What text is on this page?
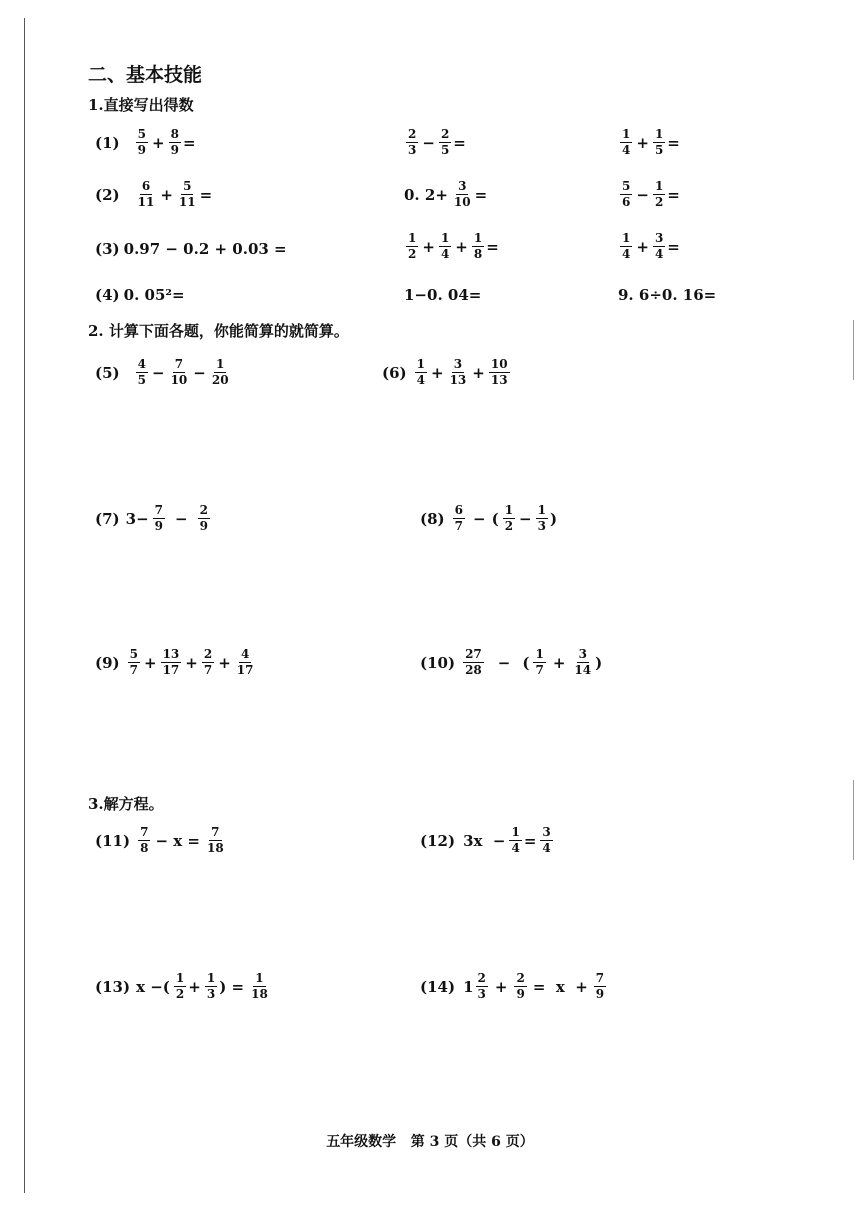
二、基本技能
1.直接写出得数
$(1) \frac{5}{9} + \frac{8}{9}$ =	$\frac{2}{3} - \frac{2}{5}$ =	$\frac{1}{4} + \frac{1}{5}$ =
$(2) \frac{6}{11} + \frac{5}{11}$ =	0. $2+ \frac{3}{10}$ =	$\frac{5}{6} - \frac{1}{2}$ =
(3) 0.97 − 0.2 + 0.03 =	$\frac{1}{2} + \frac{1}{4} + \frac{1}{8}$ =	$\frac{1}{4} + \frac{3}{4}$ =
(4) 0. 05²=	1−0. 04=	9. 6÷0. 16=
2. 计算下面各题，你能简算的就简算。
$(5) \frac{4}{5} - \frac{7}{10} - \frac{1}{20}$	$(6) \frac{1}{4} + \frac{3}{13} + \frac{10}{13}$
(7) $3- \frac{7}{9} - \frac{2}{9}$	$(8) \frac{6}{7}$ − ( $\frac{1}{2} - \frac{1}{3}$ )
$(9) \frac{5}{7} + \frac{13}{17} + \frac{2}{7} + \frac{4}{17}$	$(10) \frac{27}{28}$ − ( $\frac{1}{7} + \frac{3}{14}$ )
3.解方程。
$(11) \frac{7}{8} - x = \frac{7}{18}$	(12) $3x - \frac{1}{4} = \frac{3}{4}$
(13) x −( $\frac{1}{2} + \frac{1}{3}$ ) = $\frac{1}{18}$	(14) $1 \frac{2}{3} + \frac{2}{9} = x + \frac{7}{9}$
五年级数学   第 3 页（共 6 页）
